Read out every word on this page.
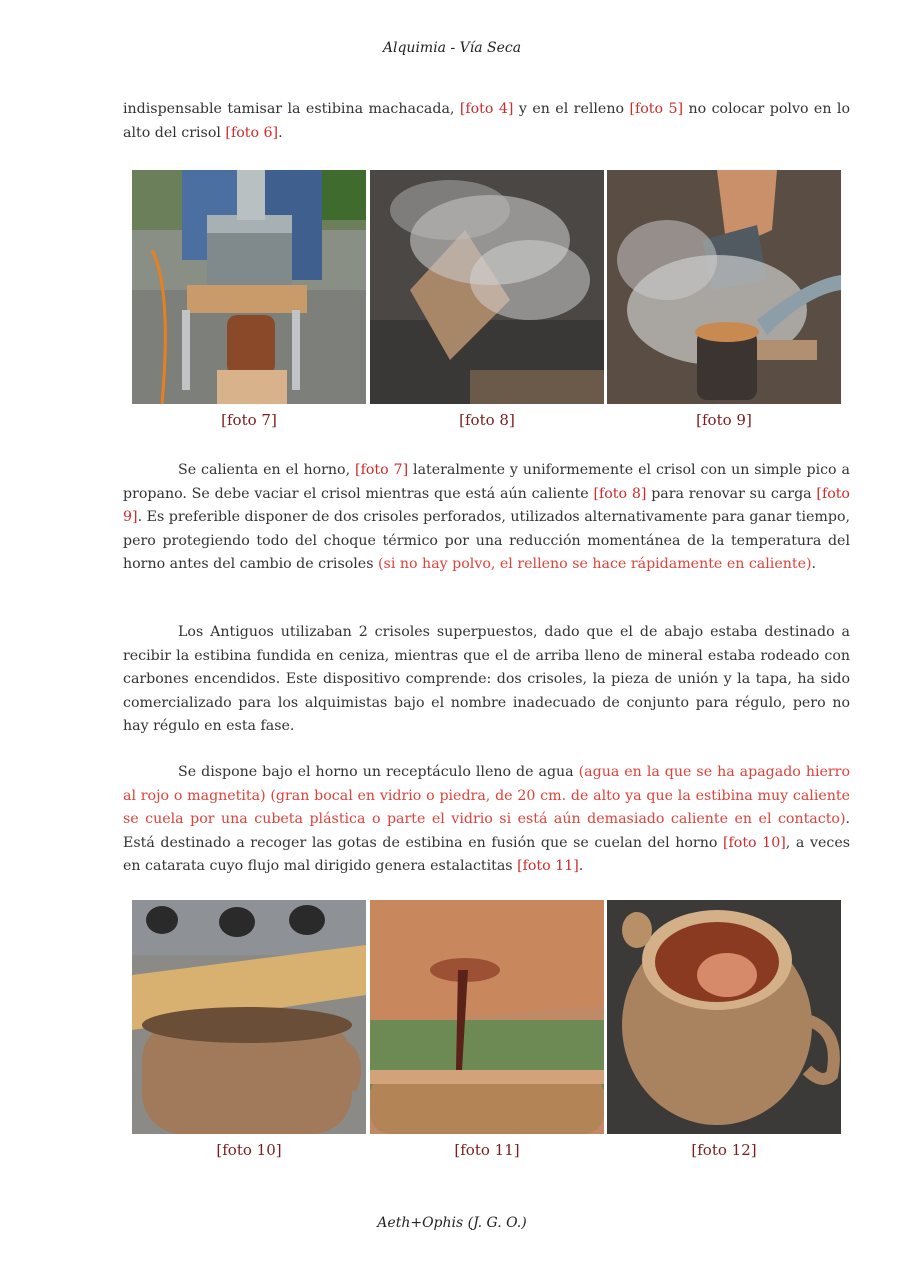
Alquimia - Vía Seca

indispensable tamisar la estibina machacada, [foto 4] y en el relleno [foto 5] no colocar polvo en lo alto del crisol [foto 6].

[foto 7]	[foto 8]	[foto 9]

Se calienta en el horno, [foto 7] lateralmente y uniformemente el crisol con un simple pico a propano. Se debe vaciar el crisol mientras que está aún caliente [foto 8] para renovar su carga [foto 9]. Es preferible disponer de dos crisoles perforados, utilizados alternativamente para ganar tiempo, pero protegiendo todo del choque térmico por una reducción momentánea de la temperatura del horno antes del cambio de crisoles (si no hay polvo, el relleno se hace rápidamente en caliente).

Los Antiguos utilizaban 2 crisoles superpuestos, dado que el de abajo estaba destinado a recibir la estibina fundida en ceniza, mientras que el de arriba lleno de mineral estaba rodeado con carbones encendidos. Este dispositivo comprende: dos crisoles, la pieza de unión y la tapa, ha sido comercializado para los alquimistas bajo el nombre inadecuado de conjunto para régulo, pero no hay régulo en esta fase.

Se dispone bajo el horno un receptáculo lleno de agua (agua en la que se ha apagado hierro al rojo o magnetita) (gran bocal en vidrio o piedra, de 20 cm. de alto ya que la estibina muy caliente se cuela por una cubeta plástica o parte el vidrio si está aún demasiado caliente en el contacto). Está destinado a recoger las gotas de estibina en fusión que se cuelan del horno [foto 10], a veces en catarata cuyo flujo mal dirigido genera estalactitas [foto 11].

[foto 10]	[foto 11]	[foto 12]
Aeth+Ophis (J. G. O.)
